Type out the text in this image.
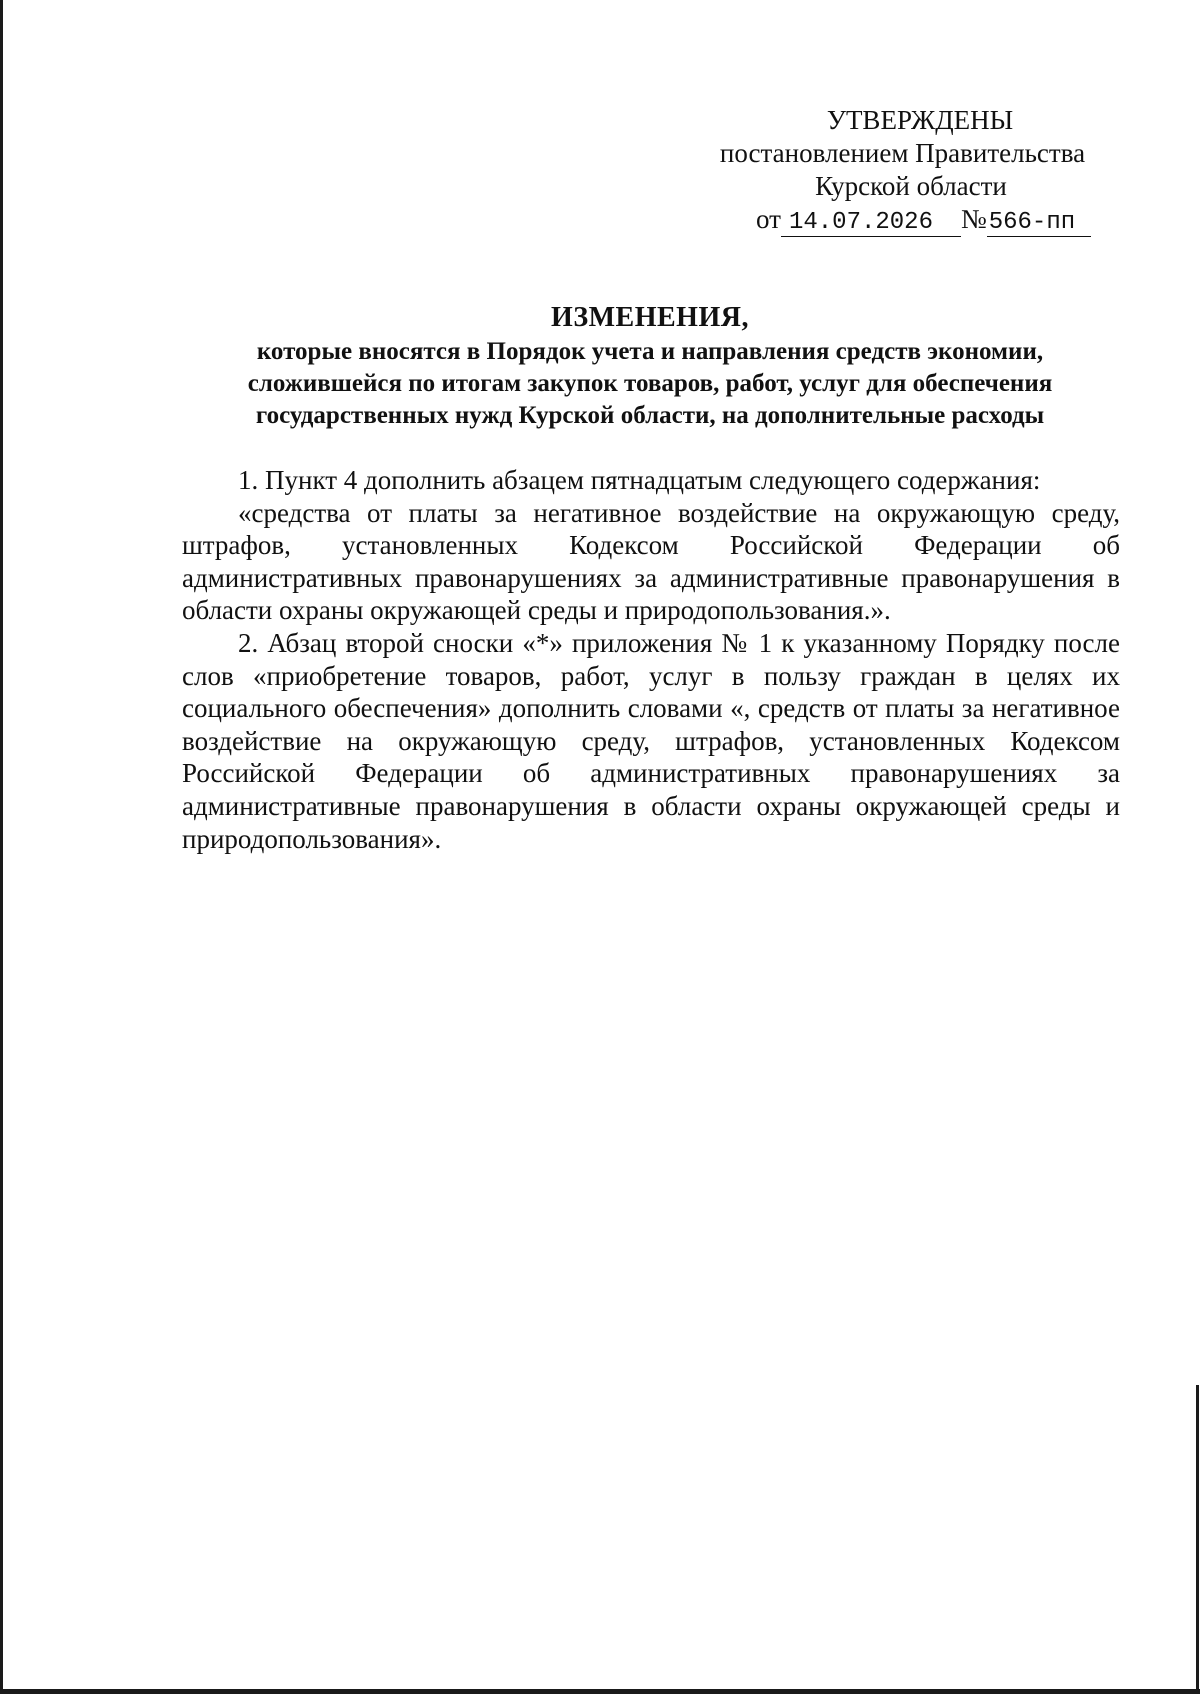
УТВЕРЖДЕНЫ
постановлением Правительства
Курской области
от 14.07.2026 №566-пп
ИЗМЕНЕНИЯ,
которые вносятся в Порядок учета и направления средств экономии,
сложившейся по итогам закупок товаров, работ, услуг для обеспечения
государственных нужд Курской области, на дополнительные расходы

1. Пункт 4 дополнить абзацем пятнадцатым следующего содержания:

«средства от платы за негативное воздействие на окружающую среду, штрафов, установленных Кодексом Российской Федерации об административных правонарушениях за административные правонарушения в области охраны окружающей среды и природопользования.».

2. Абзац второй сноски «*» приложения № 1 к указанному Порядку после слов «приобретение товаров, работ, услуг в пользу граждан в целях их социального обеспечения» дополнить словами «, средств от платы за негативное воздействие на окружающую среду, штрафов, установленных Кодексом Российской Федерации об административных правонарушениях за административные правонарушения в области охраны окружающей среды и природопользования».
